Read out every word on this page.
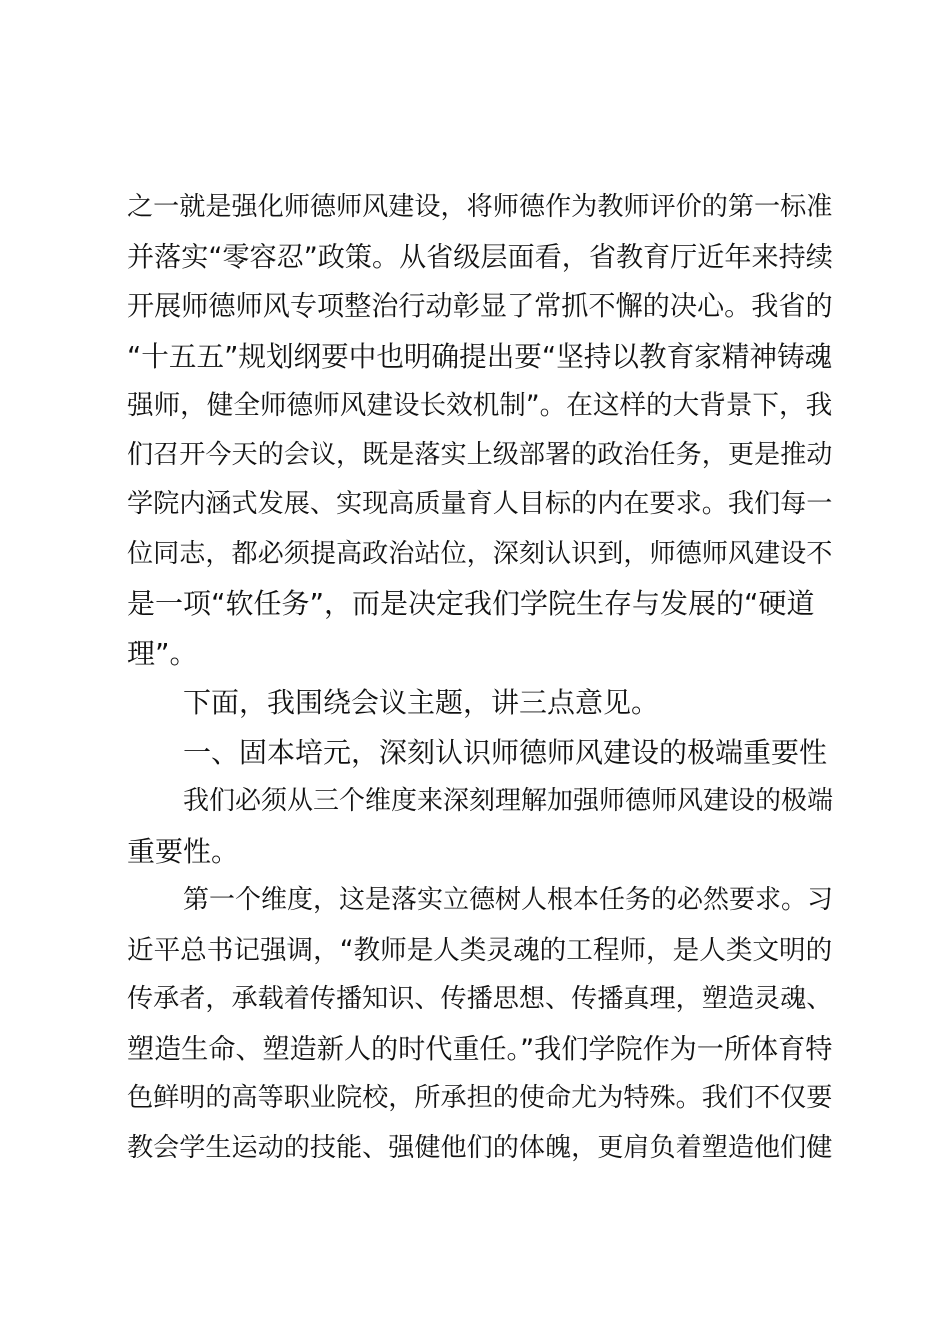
之一就是强化师德师风建设，将师德作为教师评价的第一标准
并落实“零容忍”政策。从省级层面看，省教育厅近年来持续
开展师德师风专项整治行动彰显了常抓不懈的决心。我省的
“十五五”规划纲要中也明确提出要“坚持以教育家精神铸魂
强师，健全师德师风建设长效机制”。在这样的大背景下，我
们召开今天的会议，既是落实上级部署的政治任务，更是推动
学院内涵式发展、实现高质量育人目标的内在要求。我们每一
位同志，都必须提高政治站位，深刻认识到，师德师风建设不
是一项“软任务”，而是决定我们学院生存与发展的“硬道
理”。
下面，我围绕会议主题，讲三点意见。
一、固本培元，深刻认识师德师风建设的极端重要性
我们必须从三个维度来深刻理解加强师德师风建设的极端
重要性。
第一个维度，这是落实立德树人根本任务的必然要求。习
近平总书记强调，“教师是人类灵魂的工程师，是人类文明的
传承者，承载着传播知识、传播思想、传播真理，塑造灵魂、
塑造生命、塑造新人的时代重任。”我们学院作为一所体育特
色鲜明的高等职业院校，所承担的使命尤为特殊。我们不仅要
教会学生运动的技能、强健他们的体魄，更肩负着塑造他们健
